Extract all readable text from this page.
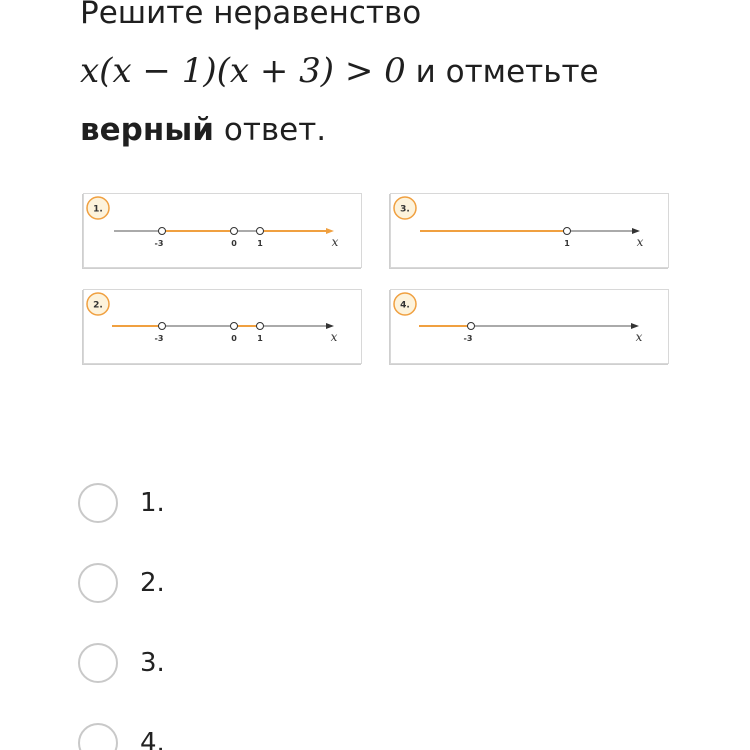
Решите неравенство
x(x − 1)(x + 3) > 0 и отметьте
верный ответ.
1.
-3	0	1	x
3.
1	x
2.
-3	0	1	x
4.
-3	x
1.
2.
3.
4.
